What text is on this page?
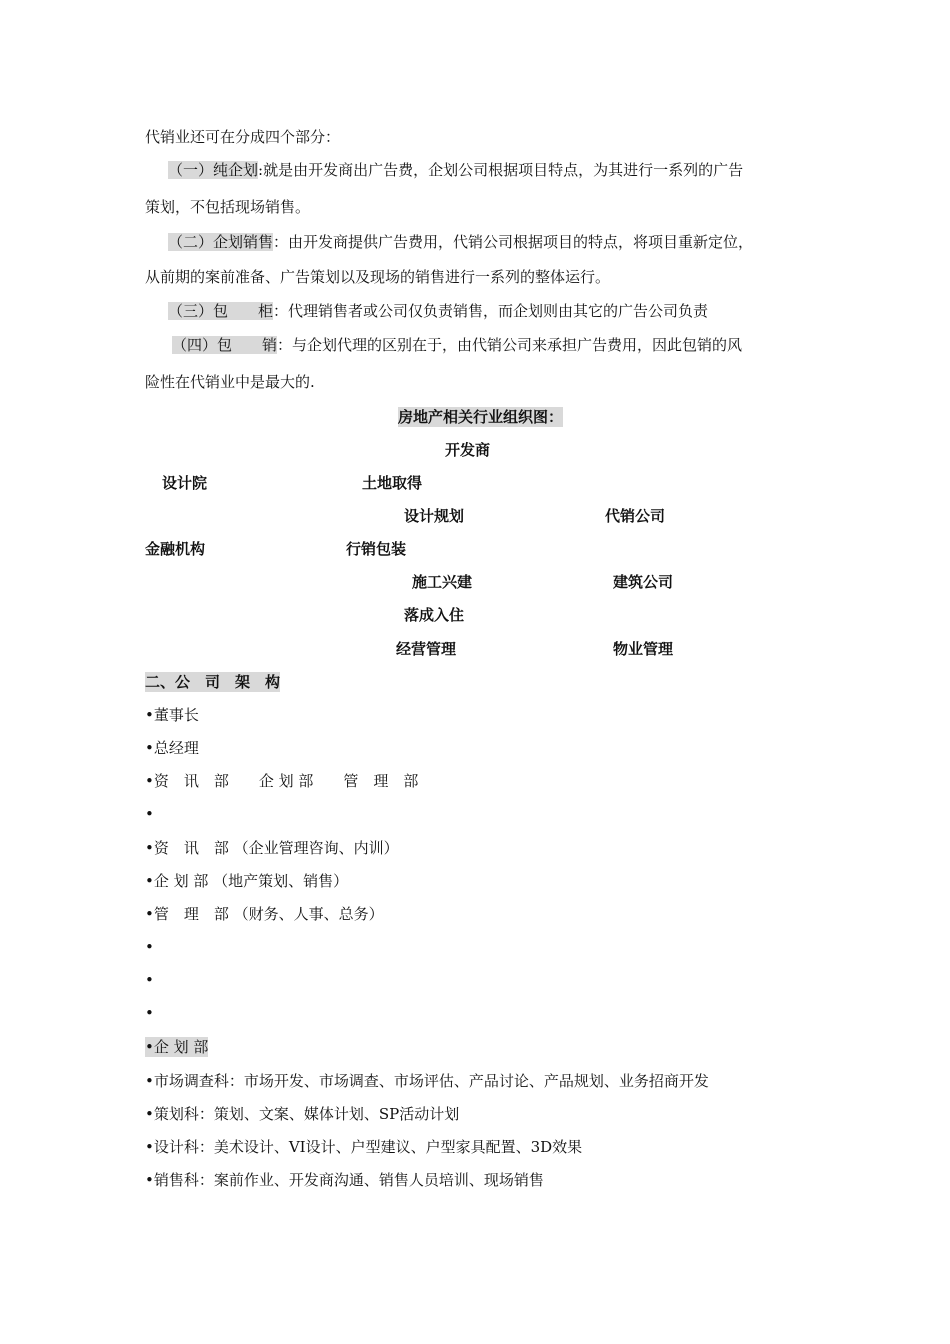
代销业还可在分成四个部分：
（一）纯企划:就是由开发商出广告费，企划公司根据项目特点，为其进行一系列的广告
策划，不包括现场销售。
（二）企划销售：由开发商提供广告费用，代销公司根据项目的特点，将项目重新定位，
从前期的案前准备、广告策划以及现场的销售进行一系列的整体运行。
（三）包　　柜：代理销售者或公司仅负责销售，而企划则由其它的广告公司负责
（四）包　　销：与企划代理的区别在于，由代销公司来承担广告费用，因此包销的风
险性在代销业中是最大的.
房地产相关行业组织图：
开发商
设计院	土地取得
设计规划	代销公司
金融机构	行销包装
施工兴建	建筑公司
落成入住
经营管理	物业管理
二、公　司　架　构
•董事长
•总经理
•资　讯　部　　企 划 部　　管　理　部
•
•资　讯　部 （企业管理咨询、内训）
•企 划 部 （地产策划、销售）
•管　理　部 （财务、人事、总务）
•
•
•
•企 划 部
•市场调查科：市场开发、市场调查、市场评估、产品讨论、产品规划、业务招商开发
•策划科：策划、文案、媒体计划、SP活动计划
•设计科：美术设计、VI设计、户型建议、户型家具配置、3D效果
•销售科：案前作业、开发商沟通、销售人员培训、现场销售
